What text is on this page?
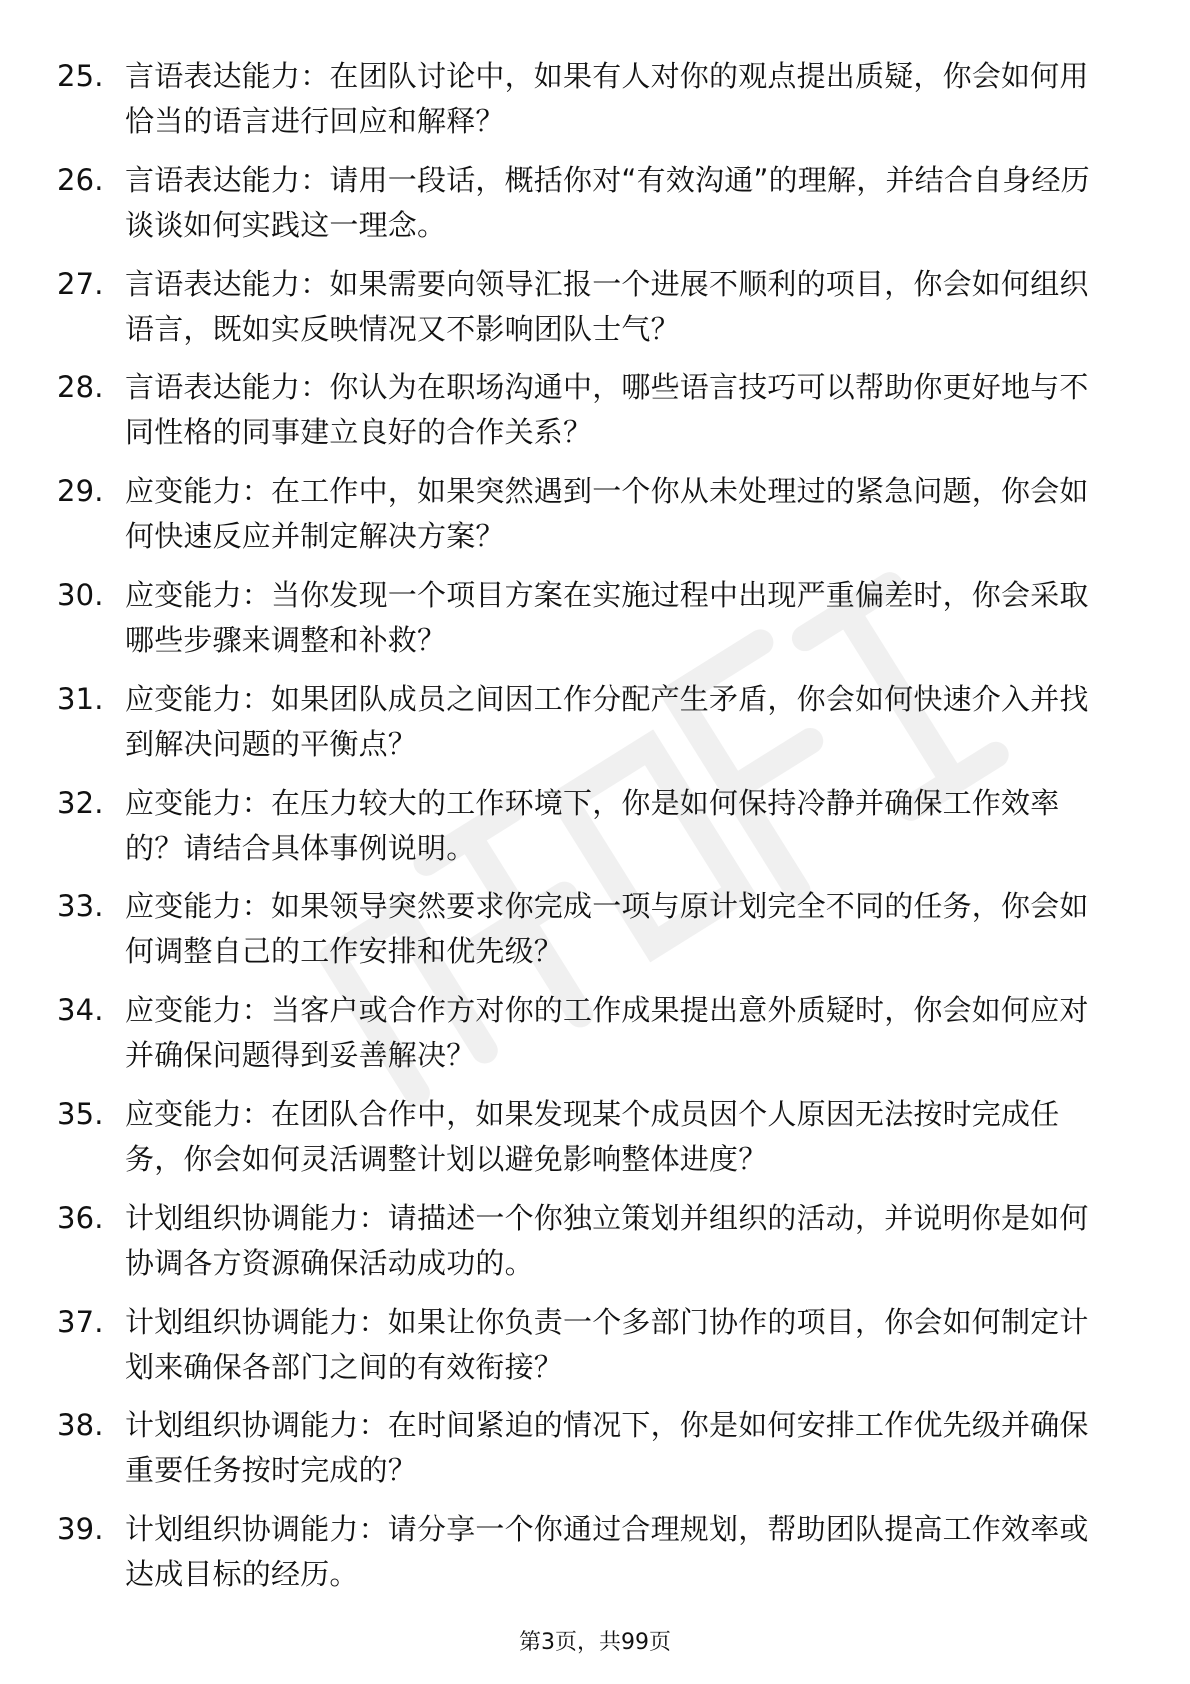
25. 言语表达能力：在团队讨论中，如果有人对你的观点提出质疑，你会如何用恰当的语言进行回应和解释？
26. 言语表达能力：请用一段话，概括你对“有效沟通”的理解，并结合自身经历谈谈如何实践这一理念。
27. 言语表达能力：如果需要向领导汇报一个进展不顺利的项目，你会如何组织语言，既如实反映情况又不影响团队士气？
28. 言语表达能力：你认为在职场沟通中，哪些语言技巧可以帮助你更好地与不同性格的同事建立良好的合作关系？
29. 应变能力：在工作中，如果突然遇到一个你从未处理过的紧急问题，你会如何快速反应并制定解决方案？
30. 应变能力：当你发现一个项目方案在实施过程中出现严重偏差时，你会采取哪些步骤来调整和补救？
31. 应变能力：如果团队成员之间因工作分配产生矛盾，你会如何快速介入并找到解决问题的平衡点？
32. 应变能力：在压力较大的工作环境下，你是如何保持冷静并确保工作效率的？请结合具体事例说明。
33. 应变能力：如果领导突然要求你完成一项与原计划完全不同的任务，你会如何调整自己的工作安排和优先级？
34. 应变能力：当客户或合作方对你的工作成果提出意外质疑时，你会如何应对并确保问题得到妥善解决？
35. 应变能力：在团队合作中，如果发现某个成员因个人原因无法按时完成任务，你会如何灵活调整计划以避免影响整体进度？
36. 计划组织协调能力：请描述一个你独立策划并组织的活动，并说明你是如何协调各方资源确保活动成功的。
37. 计划组织协调能力：如果让你负责一个多部门协作的项目，你会如何制定计划来确保各部门之间的有效衔接？
38. 计划组织协调能力：在时间紧迫的情况下，你是如何安排工作优先级并确保重要任务按时完成的？
39. 计划组织协调能力：请分享一个你通过合理规划，帮助团队提高工作效率或达成目标的经历。
第3页，共99页
